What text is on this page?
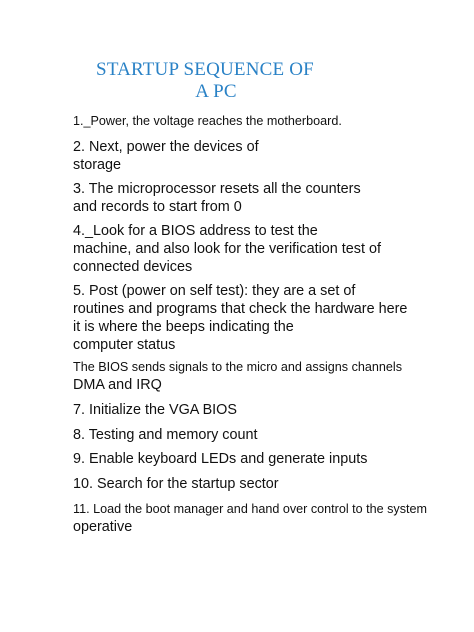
STARTUP SEQUENCE OF
A PC
1._Power, the voltage reaches the motherboard.
2. Next, power the devices of
storage
3. The microprocessor resets all the counters
and records to start from 0
4._Look for a BIOS address to test the
machine, and also look for the verification test of
connected devices
5. Post (power on self test): they are a set of
routines and programs that check the hardware here
it is where the beeps indicating the
computer status
The BIOS sends signals to the micro and assigns channels
DMA and IRQ
7. Initialize the VGA BIOS
8. Testing and memory count
9. Enable keyboard LEDs and generate inputs
10. Search for the startup sector
11. Load the boot manager and hand over control to the system
operative
